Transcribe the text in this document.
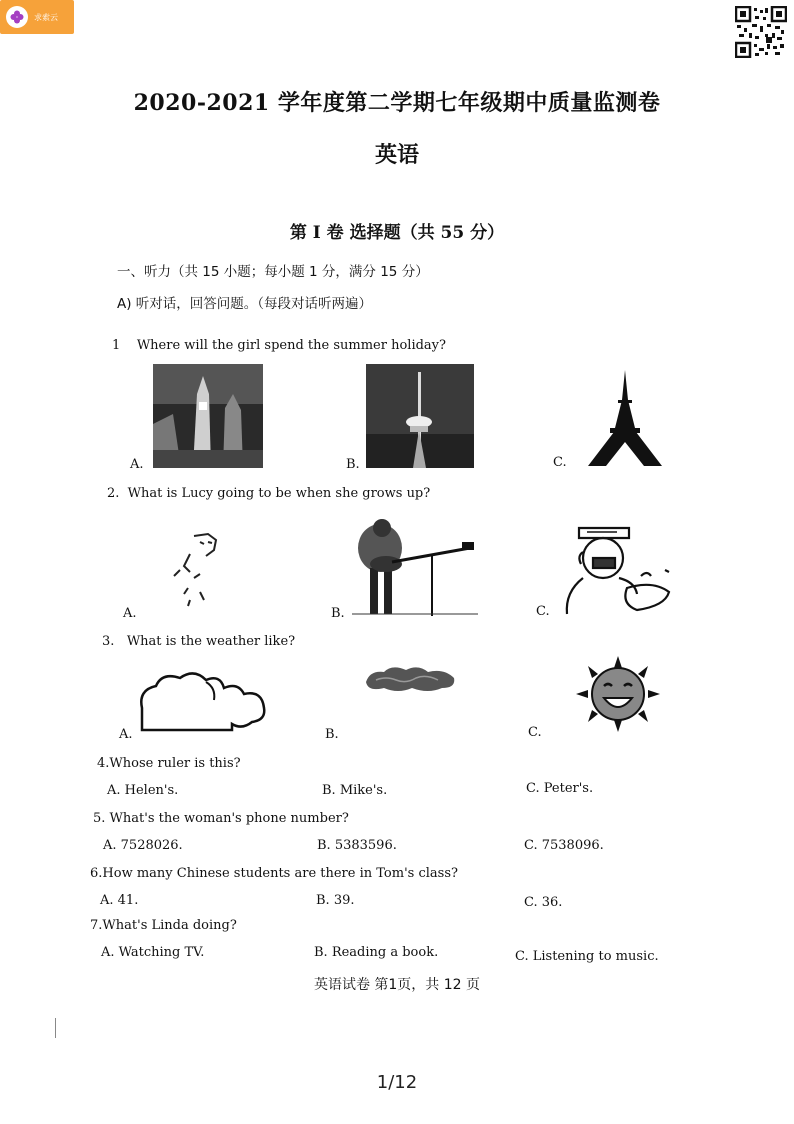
求索云
2020-2021 学年度第二学期七年级期中质量监测卷
英语
第 I 卷 选择题（共 55 分）
一、听力（共 15 小题；每小题 1 分，满分 15 分）
A) 听对话，回答问题。（每段对话听两遍）
1 Where will the girl spend the summer holiday?
A.	B.	C.
2. What is Lucy going to be when she grows up?
A.	B.	C.
3. What is the weather like?
A.	B.	C.
4.Whose ruler is this?
A. Helen's.	B. Mike's.	C. Peter's.
5. What's the woman's phone number?
A. 7528026.	B. 5383596.	C. 7538096.
6.How many Chinese students are there in Tom's class?
A. 41.	B. 39.	C. 36.
7.What's Linda doing?
A. Watching TV.	B. Reading a book.	C. Listening to music.
英语试卷 第1页，共 12 页
1/12
